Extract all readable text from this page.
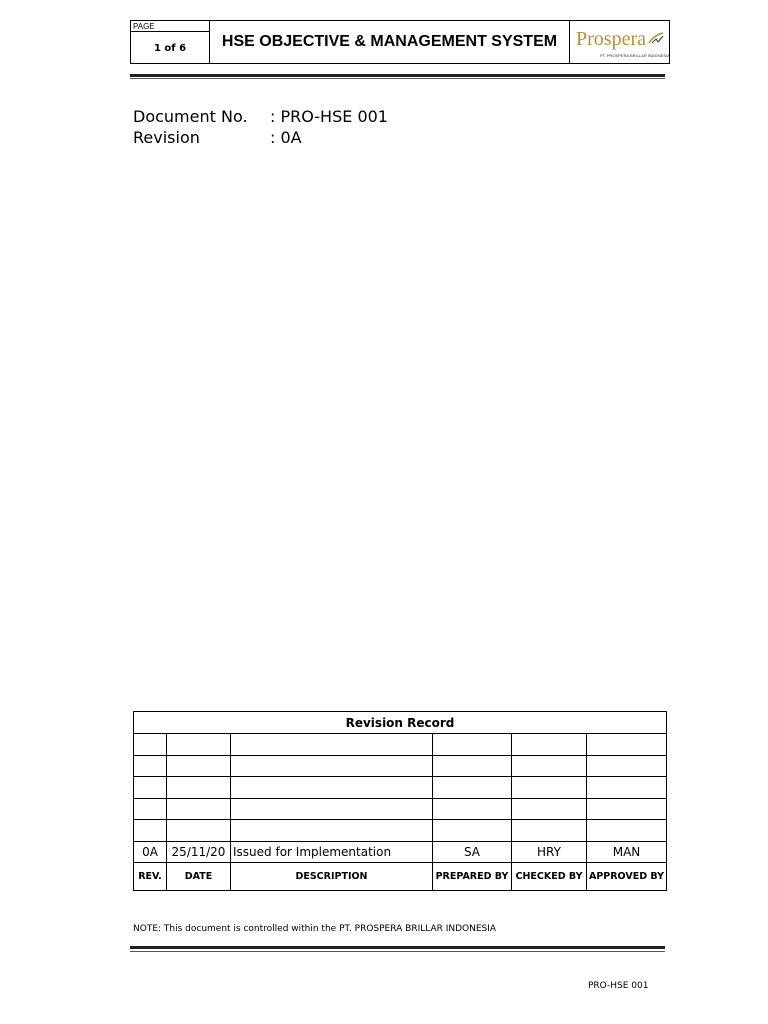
PAGE
1 of 6	HSE OBJECTIVE & MANAGEMENT SYSTEM Prospera
PT. PROSPERA BRILLAR INDONESIA
Document No.	: PRO-HSE 001
Revision	: 0A
Revision Record					

0A	25/11/20	Issued for Implementation	SA	HRY	MAN
REV.	DATE	DESCRIPTION	PREPARED BY	CHECKED BY	APPROVED BY
NOTE: This document is controlled within the PT. PROSPERA BRILLAR INDONESIA
PRO-HSE 001
